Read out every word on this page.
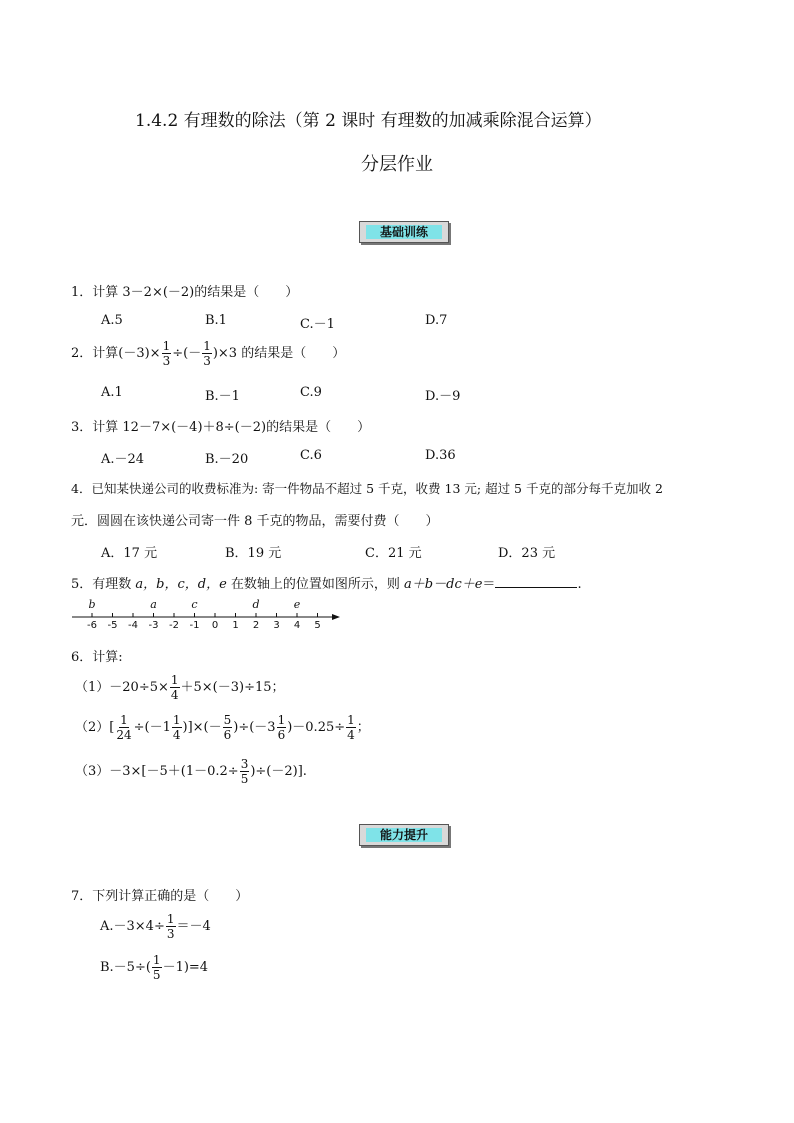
1.4.2 有理数的除法（第 2 课时 有理数的加减乘除混合运算）
分层作业
基础训练
1．计算 3－2×(－2)的结果是（　　）
A.5	B.1	C.－1	D.7
2．计算$(-3)\times \frac{1}{3}$ ÷(－ $\frac{1}{3} )\times 3$ 的结果是（　　）
A.1	B.－1	C.9	D.－9
3．计算 12－7×(－4)＋8÷(－2)的结果是（　　）
A.－24	B.－20	C.6	D.36
4．已知某快递公司的收费标准为: 寄一件物品不超过 5 千克，收费 13 元; 超过 5 千克的部分每千克加收 2
元．圆圆在该快递公司寄一件 8 千克的物品，需要付费（　　）
A．17 元	B．19 元	C．21 元	D．23 元
5．有理数 a，b，c，d，e 在数轴上的位置如图所示，则 a＋b－dc＋e＝	.
-6	-5	-4	-3	-2	-1	0	1	2	3	4	5
b	a	c	d	e
6．计算:
$(1)-20\div 5\times \frac{1}{4} +5\times(-3)\div 15$；
$(2)[ \frac{1}{24} \div(-1 \frac{1}{4}$ )]×(－ $\frac{5}{6} )\div(-3 \frac{1}{6} )-0.25\div \frac{1}{4}$ ；
$(3)-3\times[-5+(1-0.2\div \frac{3}{5} )\div(-2)]$.
能力提升
7．下列计算正确的是（　　）
$A.-3\times 4\div \frac{1}{3} =-4$
$B.-5\div( \frac{1}{5} -1)=4$
